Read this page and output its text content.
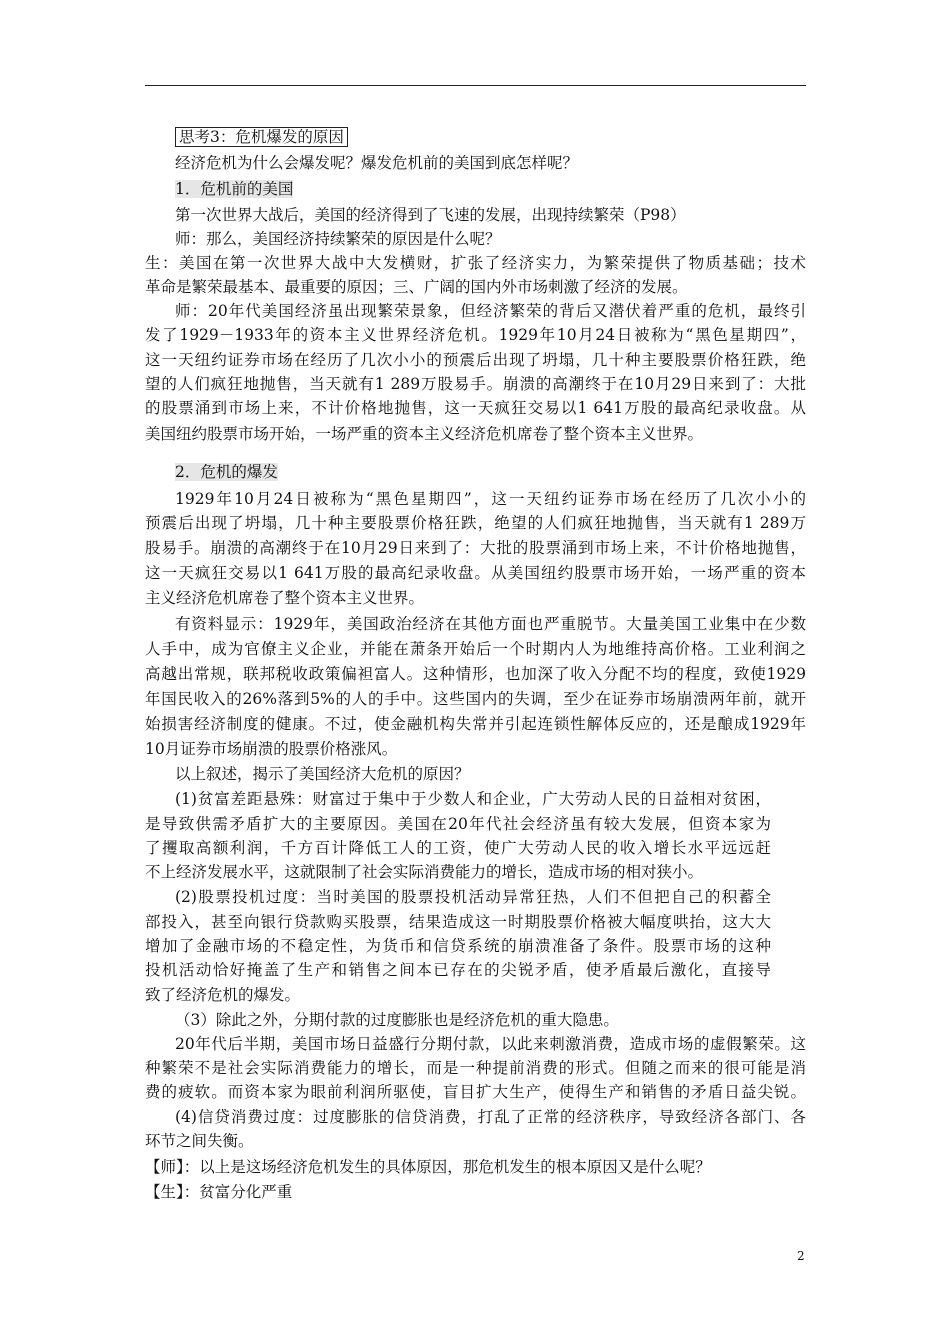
思考3：危机爆发的原因
经济危机为什么会爆发呢？爆发危机前的美国到底怎样呢？
1．危机前的美国
第一次世界大战后，美国的经济得到了飞速的发展，出现持续繁荣（P98）
师：那么，美国经济持续繁荣的原因是什么呢？
生：美国在第一次世界大战中大发横财，扩张了经济实力，为繁荣提供了物质基础；技术
革命是繁荣最基本、最重要的原因；三、广阔的国内外市场刺激了经济的发展。
师：20年代美国经济虽出现繁荣景象，但经济繁荣的背后又潜伏着严重的危机，最终引
发了1929－1933年的资本主义世界经济危机。1929年10月24日被称为“黑色星期四”，
这一天纽约证券市场在经历了几次小小的预震后出现了坍塌，几十种主要股票价格狂跌，绝
望的人们疯狂地抛售，当天就有1 289万股易手。崩溃的高潮终于在10月29日来到了：大批
的股票涌到市场上来，不计价格地抛售，这一天疯狂交易以1 641万股的最高纪录收盘。从
美国纽约股票市场开始，一场严重的资本主义经济危机席卷了整个资本主义世界。
2．危机的爆发
1929年10月24日被称为“黑色星期四”，这一天纽约证券市场在经历了几次小小的
预震后出现了坍塌，几十种主要股票价格狂跌，绝望的人们疯狂地抛售，当天就有1 289万
股易手。崩溃的高潮终于在10月29日来到了：大批的股票涌到市场上来，不计价格地抛售，
这一天疯狂交易以1 641万股的最高纪录收盘。从美国纽约股票市场开始，一场严重的资本
主义经济危机席卷了整个资本主义世界。
有资料显示：1929年，美国政治经济在其他方面也严重脱节。大量美国工业集中在少数
人手中，成为官僚主义企业，并能在萧条开始后一个时期内人为地维持高价格。工业利润之
高越出常规，联邦税收政策偏袒富人。这种情形，也加深了收入分配不均的程度，致使1929
年国民收入的26%落到5%的人的手中。这些国内的失调，至少在证券市场崩溃两年前，就开
始损害经济制度的健康。不过，使金融机构失常并引起连锁性解体反应的，还是酿成1929年
10月证券市场崩溃的股票价格涨风。
以上叙述，揭示了美国经济大危机的原因？
(1)贫富差距悬殊：财富过于集中于少数人和企业，广大劳动人民的日益相对贫困，
是导致供需矛盾扩大的主要原因。美国在20年代社会经济虽有较大发展，但资本家为
了攫取高额利润，千方百计降低工人的工资，使广大劳动人民的收入增长水平远远赶
不上经济发展水平，这就限制了社会实际消费能力的增长，造成市场的相对狭小。
(2)股票投机过度：当时美国的股票投机活动异常狂热，人们不但把自己的积蓄全
部投入，甚至向银行贷款购买股票，结果造成这一时期股票价格被大幅度哄抬，这大大
增加了金融市场的不稳定性，为货币和信贷系统的崩溃准备了条件。股票市场的这种
投机活动恰好掩盖了生产和销售之间本已存在的尖锐矛盾，使矛盾最后激化，直接导
致了经济危机的爆发。
（3）除此之外，分期付款的过度膨胀也是经济危机的重大隐患。
20年代后半期，美国市场日益盛行分期付款，以此来刺激消费，造成市场的虚假繁荣。这
种繁荣不是社会实际消费能力的增长，而是一种提前消费的形式。但随之而来的很可能是消
费的疲软。而资本家为眼前利润所驱使，盲目扩大生产，使得生产和销售的矛盾日益尖锐。
(4)信贷消费过度：过度膨胀的信贷消费，打乱了正常的经济秩序，导致经济各部门、各
环节之间失衡。
【师】：以上是这场经济危机发生的具体原因，那危机发生的根本原因又是什么呢？
【生】：贫富分化严重
2
